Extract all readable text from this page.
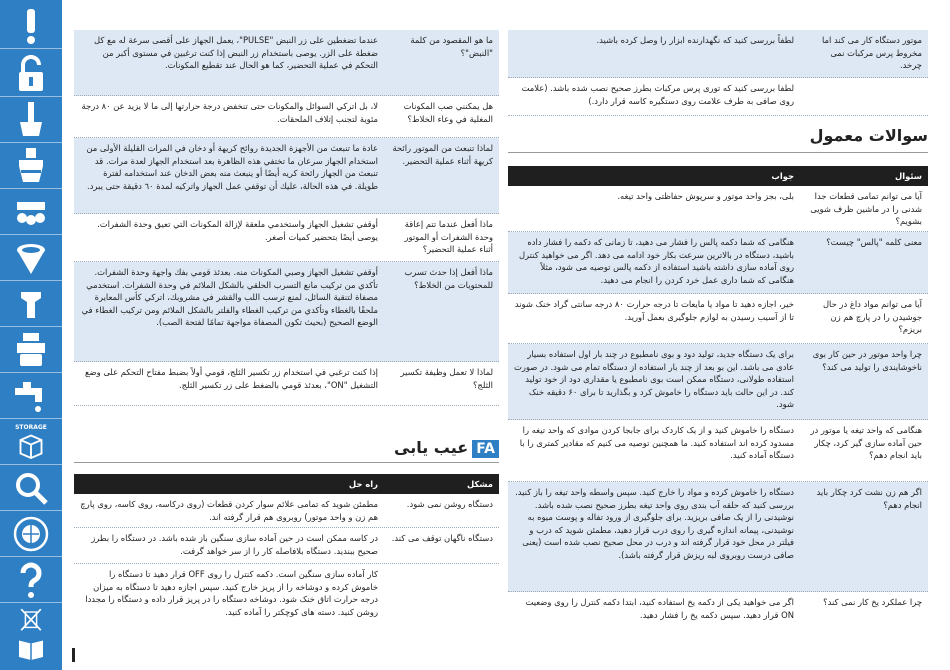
STORAGE
ما هو المقصود من كلمة "النبض"؟
عندما تضغطين على زر النبض "PULSE"، يعمل الجهاز على أقصى سرعة له مع كل ضغطة على الزر. يوصى باستخدام زر النبض إذا كنت ترغبين في مستوى أكبر من التحكم في عملية التحضير، كما هو الحال عند تقطيع المكونات.
هل يمكنني صب المكونات المغلية في وعاء الخلاط؟
لا، بل اتركي السوائل والمكونات حتى تنخفض درجة حرارتها إلى ما لا يزيد عن ٨٠ درجة مئوية لتجنب إتلاف الملحقات.
لماذا تنبعث من الموتور رائحة كريهة أثناء عملية التحضير.
عادة ما تنبعث من الأجهزة الجديدة روائح كريهة أو دخان في المرات القليلة الأولى من استخدام الجهاز سرعان ما تختفي هذه الظاهرة بعد استخدام الجهاز لعدة مرات. قد تنبعث من الجهاز رائحة كريه أيضًا أو ينبعث منه بعض الدخان عند استخدامه لفترة طويلة. في هذه الحالة، عليك أن توقفي عمل الجهاز واتركيه لمدة ٦٠ دقيقة حتى يبرد.
ماذا أفعل عندما تتم إعاقة وحدة الشفرات أو الموتور أثناء عملية التحضير؟
أوقفي تشغيل الجهاز واستخدمي ملعقة لإزالة المكونات التي تعيق وحدة الشفرات. يوصى أيضًا بتحضير كميات أصغر.
ماذا أفعل إذا حدث تسرب للمحتويات من الخلاط؟
أوقفي تشغيل الجهاز وصبي المكونات منه. بعدئذ قومي بفك واجهة وحدة الشفرات. تأكدي من تركيب مانع التسرب الحلقي بالشكل الملائم في وحدة الشفرات. استخدمي مصفاة لتنقية السائل، لمنع ترسب اللب والقشر في مشروبك، اتركي كأس المعايرة ملحقًا بالغطاء وتأكدي من تركيب الغطاء والفلتر بالشكل الملائم ومن تركيب الغطاء في الوضع الصحيح (بحيث تكون المصفاة مواجهة تمامًا لفتحة الصب).
لماذا لا تعمل وظيفة تكسير الثلج؟
إذا كنت ترغبي في استخدام زر تكسير الثلج، قومي أولاً بضبط مفتاح التحكم على وضع التشغيل "ON"، بعدئذ قومي بالضغط على زر تكسير الثلج.
FAعیب یابی
مشکل
راه حل
دستگاه روشن نمی شود.
مطمئن شوید که تمامی علائم سوار کردن قطعات (روی درکاسه، روی کاسه، روی پارچ هم زن و واحد موتور) روبروی هم قرار گرفته اند.
دستگاه ناگهان توقف می کند.
در کاسه ممکن است در حین آماده سازی سنگین باز شده باشد. در دستگاه را بطرز صحیح ببندید. دستگاه بلافاصله کار را از سر خواهد گرفت.
کار آماده سازی سنگین است. دکمه کنترل را روی OFF قرار دهید تا دستگاه را خاموش کرده و دوشاخه را از پریز خارج کنید. سپس اجازه دهید تا دستگاه به میزان درجه حرارت اتاق خنک شود. دوشاخه دستگاه را در پریز قرار داده و دستگاه را مجددا روشن کنید. دسته های کوچکتر را آماده کنید.
موتور دستگاه کار می کند اما مخروط پرس مرکبات نمی چرخد.
لطفاً بررسی کنید که نگهدارنده ابزار را وصل کرده باشید.
لطفا بررسی کنید که توری پرس مرکبات بطرز صحیح نصب شده باشد. (علامت روی صافی به طرف علامت روی دستگیره کاسه قرار دارد.)
سوالات معمول
سئوال
جواب
آیا می توانم تمامی قطعات جدا شدنی را در ماشین ظرف شویی بشویم؟
بلی، بجز واحد موتور و سرپوش حفاظتی واحد تیغه.
معنی کلمه "پالس" چیست؟
هنگامی که شما دکمه پالس را فشار می دهید، تا زمانی که دکمه را فشار داده باشید، دستگاه در بالاترین سرعت بکار خود ادامه می دهد. اگر می خواهید کنترل روی آماده سازی داشته باشید استفاده از دکمه پالس توصیه می شود، مثلاً هنگامی که شما داری عمل خرد کردن را انجام می دهید.
آیا می توانم مواد داغ در حال جوشیدن را در پارچ هم زن بریزم؟
خیر، اجازه دهید تا مواد یا مایعات تا درجه حرارت ۸۰ درجه سانتی گراد خنک شوند تا از آسیب رسیدن به لوازم جلوگیری بعمل آورید.
چرا واحد موتور در حین کار بوی ناخوشایندی را تولید می کند؟
برای یک دستگاه جدید، تولید دود و بوی نامطبوع در چند بار اول استفاده بسیار عادی می باشد. این بو بعد از چند بار استفاده از دستگاه تمام می شود. در صورت استفاده طولانی، دستگاه ممکن است بوی نامطبوع یا مقداری دود از خود تولید کند. در این حالت باید دستگاه را خاموش کرد و بگذارید تا برای ۶۰ دقیقه خنک شود.
هنگامی که واحد تیغه یا موتور در حین آماده سازی گیر کرد، چکار باید انجام دهم؟
دستگاه را خاموش کنید و از یک کاردک برای جابجا کردن موادی که واحد تیغه را مسدود کرده اند استفاده کنید. ما همچنین توصیه می کنیم که مقادیر کمتری را با دستگاه آماده کنید.
اگر هم زن نشت کرد چکار باید انجام دهم؟
دستگاه را خاموش کرده و مواد را خارج کنید. سپس واسطه واحد تیغه را باز کنید. بررسی کنید که حلقه آب بندی روی واحد تیغه بطرز صحیح نصب شده باشد. نوشیدنی را از یک صافی بریزید. برای جلوگیری از ورود تفاله و پوست میوه به نوشیدنی، پیمانه اندازه گیری را روی درب قرار دهید، مطمئن شوید که درب و فیلتر در محل خود قرار گرفته اند و درب در محل صحیح نصب شده است (یعنی صافی درست روبروی لبه ریزش قرار گرفته باشد).
چرا عملکرد یخ کار نمی کند؟
اگر می خواهید یکی از دکمه یخ استفاده کنید، ابتدا دکمه کنترل را روی وضعیت ON قرار دهید. سپس دکمه یخ را فشار دهید.
